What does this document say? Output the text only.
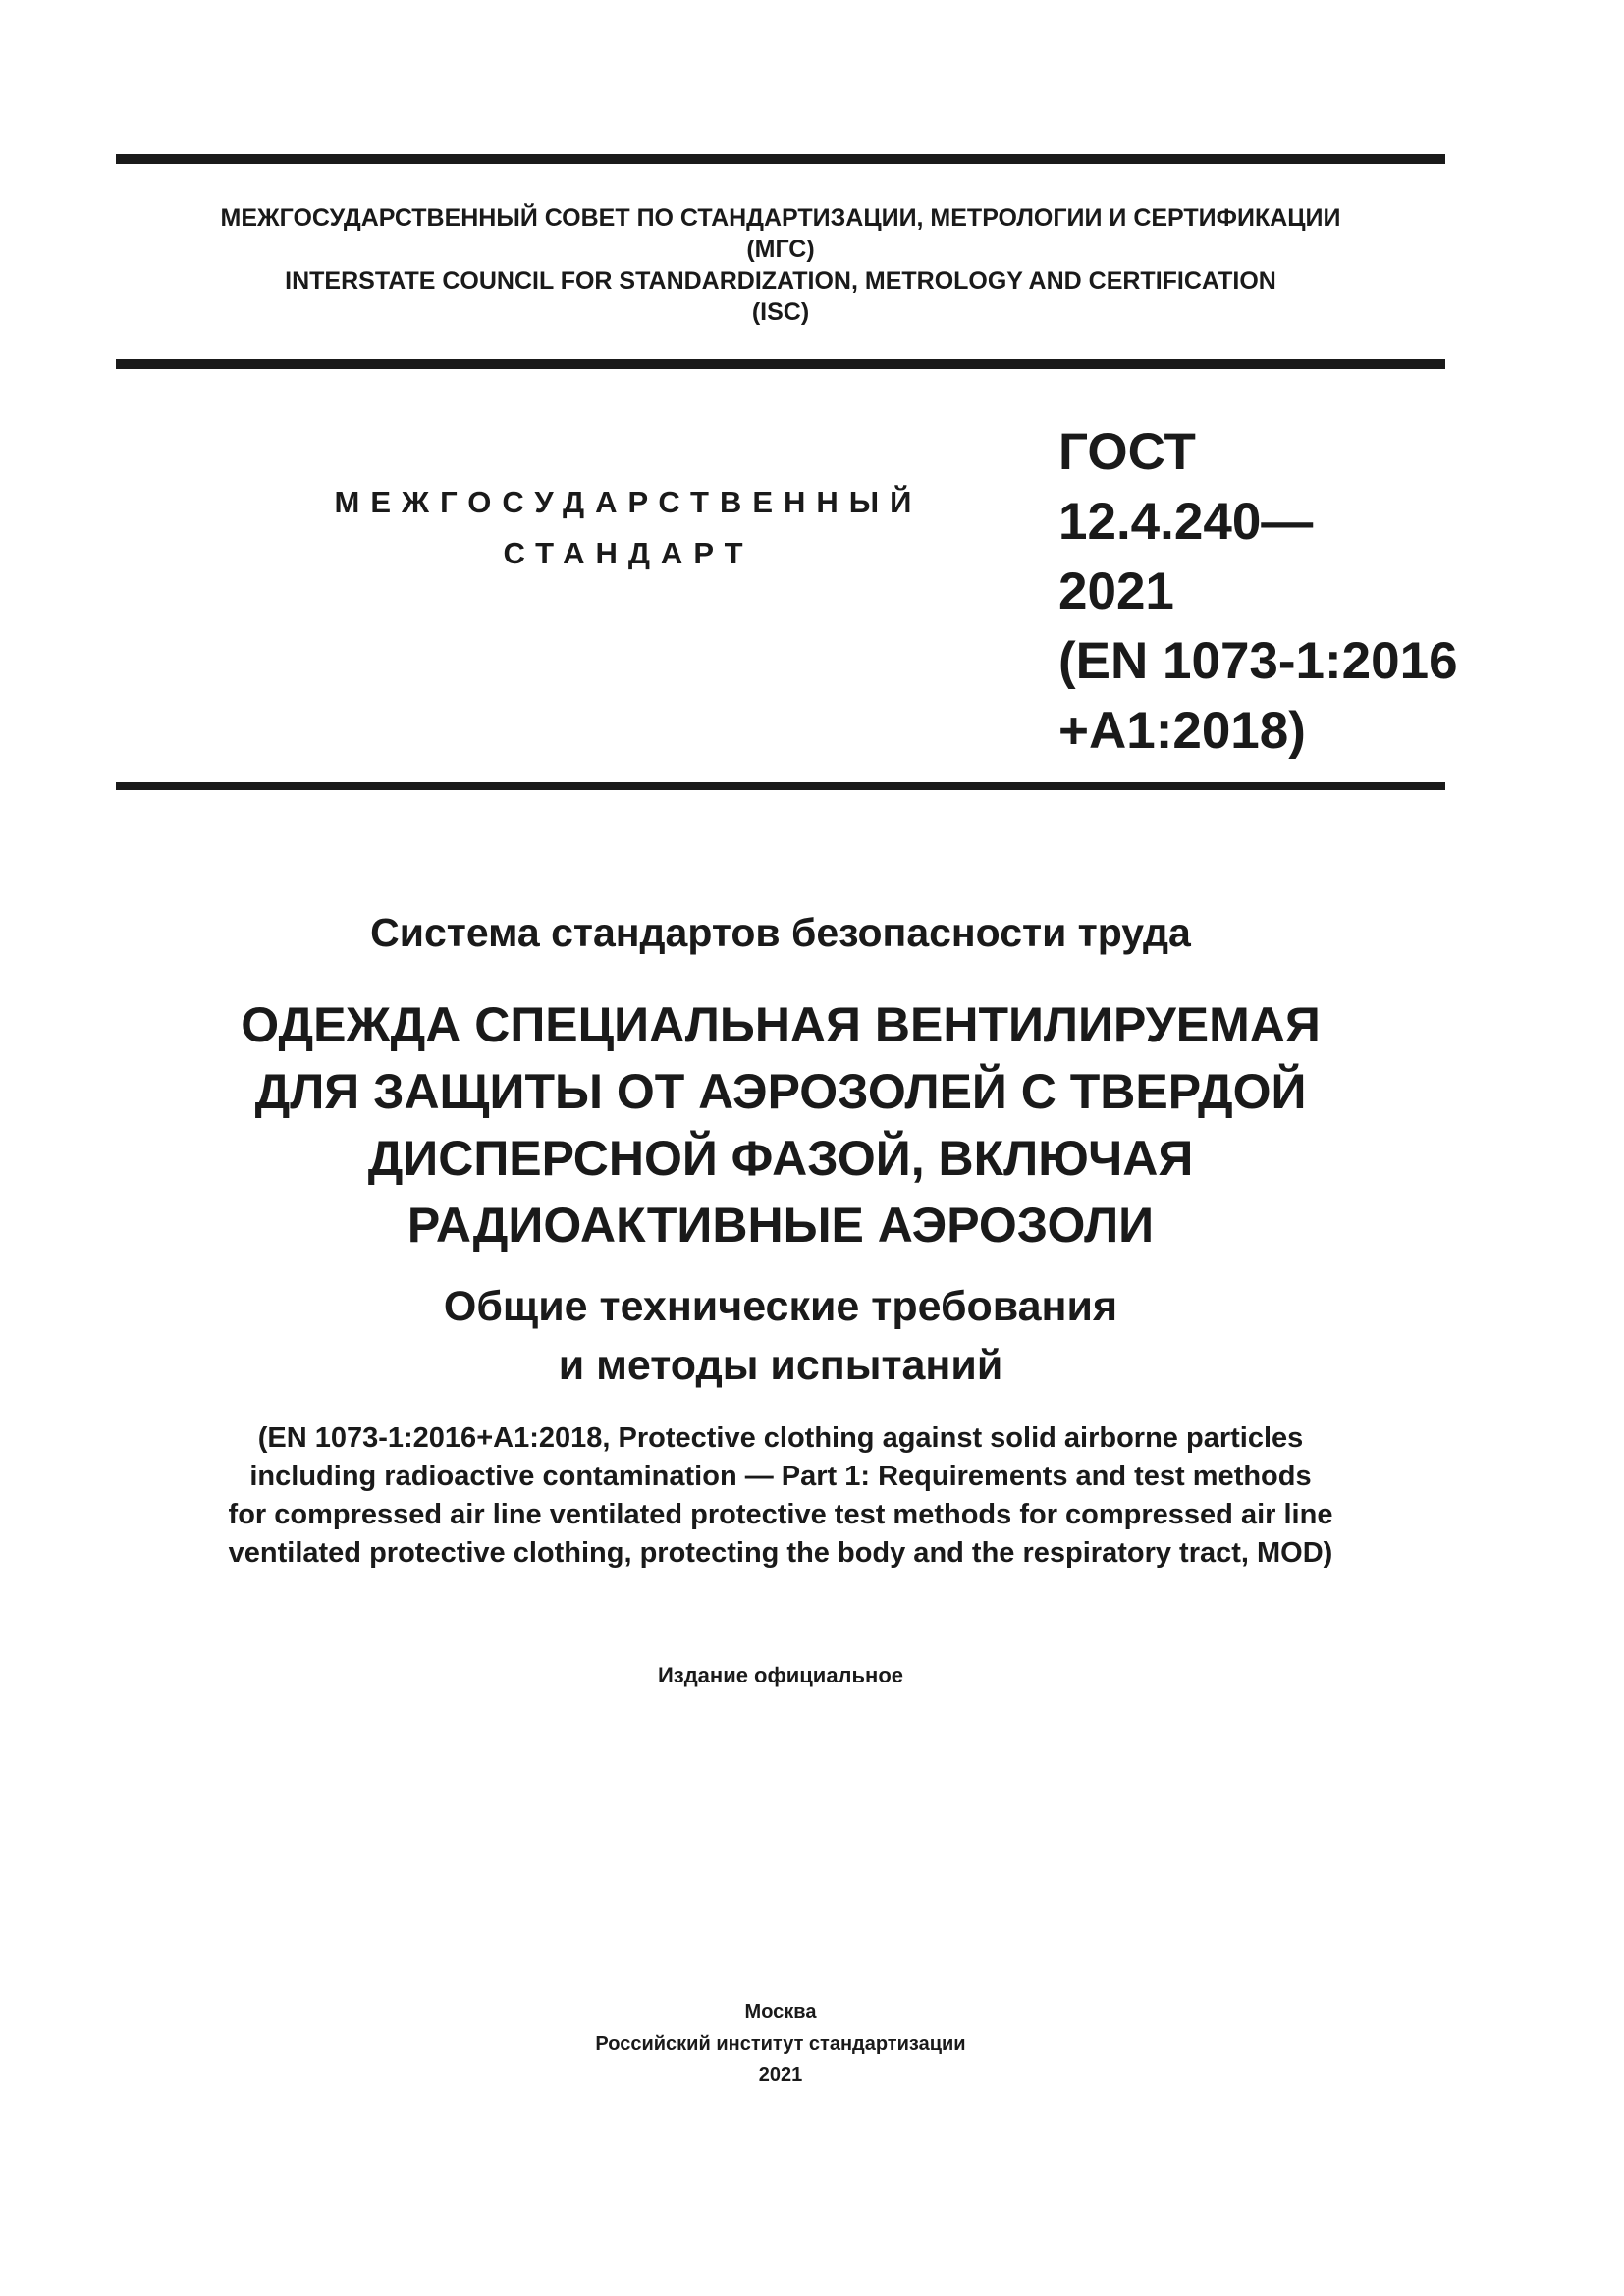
МЕЖГОСУДАРСТВЕННЫЙ СОВЕТ ПО СТАНДАРТИЗАЦИИ, МЕТРОЛОГИИ И СЕРТИФИКАЦИИ
(МГС)
INTERSTATE COUNCIL FOR STANDARDIZATION, METROLOGY AND CERTIFICATION
(ISC)
МЕЖГОСУДАРСТВЕННЫЙ
СТАНДАРТ
ГОСТ
12.4.240—
2021
(EN 1073-1:2016
+A1:2018)
Система стандартов безопасности труда
ОДЕЖДА СПЕЦИАЛЬНАЯ ВЕНТИЛИРУЕМАЯ
ДЛЯ ЗАЩИТЫ ОТ АЭРОЗОЛЕЙ С ТВЕРДОЙ
ДИСПЕРСНОЙ ФАЗОЙ, ВКЛЮЧАЯ
РАДИОАКТИВНЫЕ АЭРОЗОЛИ
Общие технические требования
и методы испытаний
(EN 1073-1:2016+A1:2018, Protective clothing against solid airborne particles
including radioactive contamination — Part 1: Requirements and test methods
for compressed air line ventilated protective test methods for compressed air line
ventilated protective clothing, protecting the body and the respiratory tract, MOD)
Издание официальное
Москва
Российский институт стандартизации
2021
